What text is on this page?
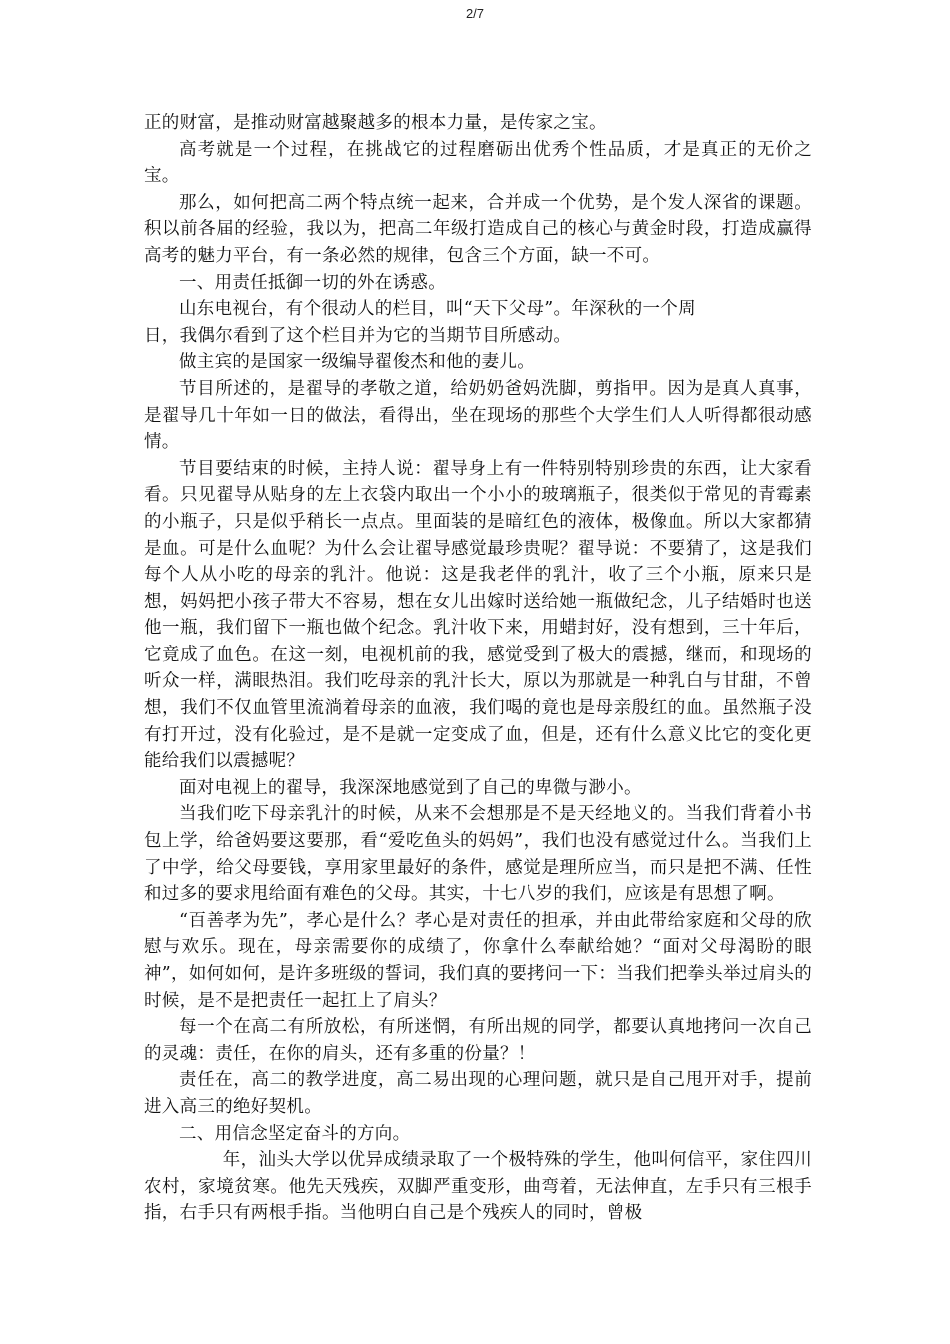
2/7

正的财富，是推动财富越聚越多的根本力量，是传家之宝。

高考就是一个过程，在挑战它的过程磨砺出优秀个性品质，才是真正的无价之宝。

那么，如何把高二两个特点统一起来，合并成一个优势，是个发人深省的课题。积以前各届的经验，我以为，把高二年级打造成自己的核心与黄金时段，打造成赢得高考的魅力平台，有一条必然的规律，包含三个方面，缺一不可。

一、用责任抵御一切的外在诱惑。

山东电视台，有个很动人的栏目，叫“天下父母”。年深秋的一个周

日，我偶尔看到了这个栏目并为它的当期节目所感动。

做主宾的是国家一级编导翟俊杰和他的妻儿。

节目所述的，是翟导的孝敬之道，给奶奶爸妈洗脚，剪指甲。因为是真人真事，是翟导几十年如一日的做法，看得出，坐在现场的那些个大学生们人人听得都很动感情。

节目要结束的时候，主持人说：翟导身上有一件特别特别珍贵的东西，让大家看看。只见翟导从贴身的左上衣袋内取出一个小小的玻璃瓶子，很类似于常见的青霉素的小瓶子，只是似乎稍长一点点。里面装的是暗红色的液体，极像血。所以大家都猜是血。可是什么血呢？为什么会让翟导感觉最珍贵呢？翟导说：不要猜了，这是我们每个人从小吃的母亲的乳汁。他说：这是我老伴的乳汁，收了三个小瓶，原来只是想，妈妈把小孩子带大不容易，想在女儿出嫁时送给她一瓶做纪念，儿子结婚时也送他一瓶，我们留下一瓶也做个纪念。乳汁收下来，用蜡封好，没有想到，三十年后，它竟成了血色。在这一刻，电视机前的我，感觉受到了极大的震撼，继而，和现场的听众一样，满眼热泪。我们吃母亲的乳汁长大，原以为那就是一种乳白与甘甜，不曾想，我们不仅血管里流淌着母亲的血液，我们喝的竟也是母亲殷红的血。虽然瓶子没有打开过，没有化验过，是不是就一定变成了血，但是，还有什么意义比它的变化更能给我们以震撼呢？

面对电视上的翟导，我深深地感觉到了自己的卑微与渺小。

当我们吃下母亲乳汁的时候，从来不会想那是不是天经地义的。当我们背着小书包上学，给爸妈要这要那，看“爱吃鱼头的妈妈”，我们也没有感觉过什么。当我们上了中学，给父母要钱，享用家里最好的条件，感觉是理所应当，而只是把不满、任性和过多的要求甩给面有难色的父母。其实，十七八岁的我们，应该是有思想了啊。

“百善孝为先”，孝心是什么？孝心是对责任的担承，并由此带给家庭和父母的欣慰与欢乐。现在，母亲需要你的成绩了，你拿什么奉献给她？“面对父母渴盼的眼神”，如何如何，是许多班级的誓词，我们真的要拷问一下：当我们把拳头举过肩头的时候，是不是把责任一起扛上了肩头？

每一个在高二有所放松，有所迷惘，有所出规的同学，都要认真地拷问一次自己的灵魂：责任，在你的肩头，还有多重的份量？！

责任在，高二的教学进度，高二易出现的心理问题，就只是自己甩开对手，提前进入高三的绝好契机。

二、用信念坚定奋斗的方向。

年，汕头大学以优异成绩录取了一个极特殊的学生，他叫何信平，家住四川农村，家境贫寒。他先天残疾，双脚严重变形，曲弯着，无法伸直，左手只有三根手指，右手只有两根手指。当他明白自己是个残疾人的同时，曾极
